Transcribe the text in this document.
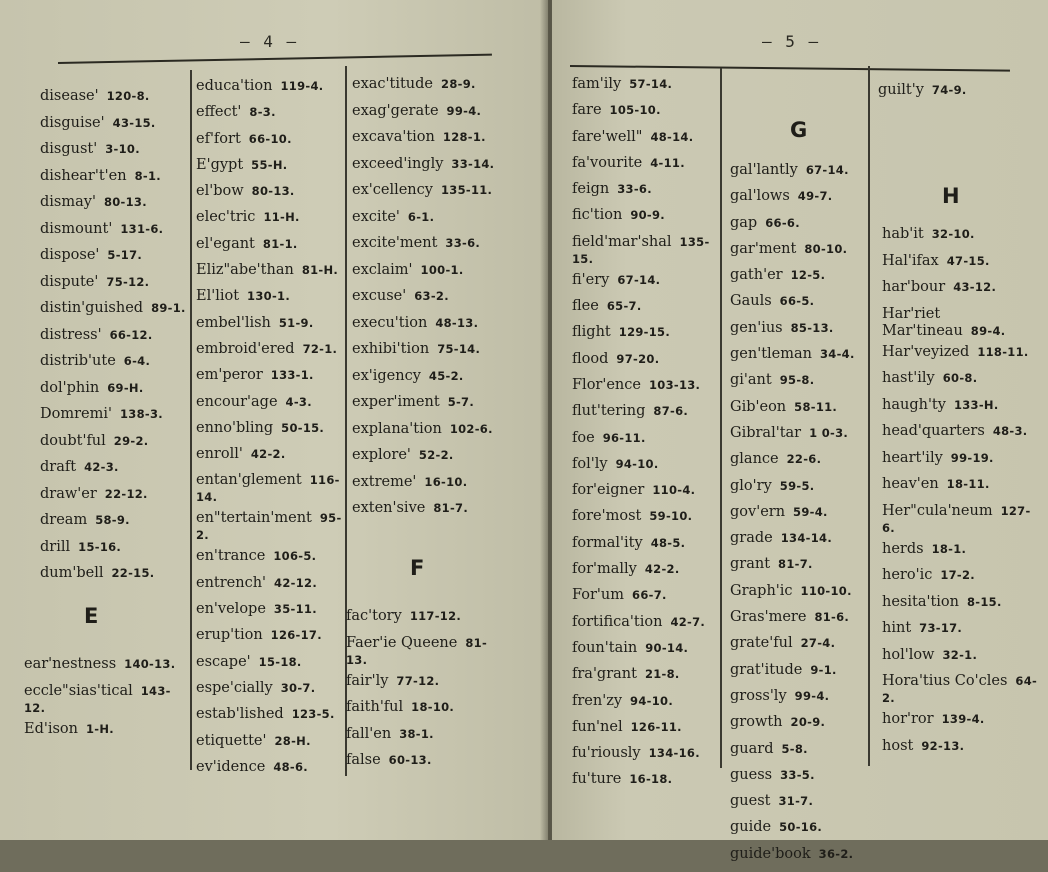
— 4 —
disease' 120-8.
disguise' 43-15.
disgust' 3-10.
dishear't'en 8-1.
dismay' 80-13.
dismount' 131-6.
dispose' 5-17.
dispute' 75-12.
distin'guished 89-1.
distress' 66-12.
distrib'ute 6-4.
dol'phin 69-H.
Domremi' 138-3.
doubt'ful 29-2.
draft 42-3.
draw'er 22-12.
dream 58-9.
drill 15-16.
dum'bell 22-15.
E
ear'nestness 140-13.
eccle"sias'tical 143-12.
Ed'ison 1-H.
educa'tion 119-4.
effect' 8-3.
ef'fort 66-10.
E'gypt 55-H.
el'bow 80-13.
elec'tric 11-H.
el'egant 81-1.
Eliz"abe'than 81-H.
El'liot 130-1.
embel'lish 51-9.
embroid'ered 72-1.
em'peror 133-1.
encour'age 4-3.
enno'bling 50-15.
enroll' 42-2.
entan'glement 116-14.
en"tertain'ment 95-2.
en'trance 106-5.
entrench' 42-12.
en'velope 35-11.
erup'tion 126-17.
escape' 15-18.
espe'cially 30-7.
estab'lished 123-5.
etiquette' 28-H.
ev'idence 48-6.
exac'titude 28-9.
exag'gerate 99-4.
excava'tion 128-1.
exceed'ingly 33-14.
ex'cellency 135-11.
excite' 6-1.
excite'ment 33-6.
exclaim' 100-1.
excuse' 63-2.
execu'tion 48-13.
exhibi'tion 75-14.
ex'igency 45-2.
exper'iment 5-7.
explana'tion 102-6.
explore' 52-2.
extreme' 16-10.
exten'sive 81-7.
F
fac'tory 117-12.
Faer'ie Queene 81-13.
fair'ly 77-12.
faith'ful 18-10.
fall'en 38-1.
false 60-13.
— 5 —
fam'ily 57-14.
fare 105-10.
fare'well" 48-14.
fa'vourite 4-11.
feign 33-6.
fic'tion 90-9.
field'mar'shal 135-15.
fi'ery 67-14.
flee 65-7.
flight 129-15.
flood 97-20.
Flor'ence 103-13.
flut'tering 87-6.
foe 96-11.
fol'ly 94-10.
for'eigner 110-4.
fore'most 59-10.
formal'ity 48-5.
for'mally 42-2.
For'um 66-7.
fortifica'tion 42-7.
foun'tain 90-14.
fra'grant 21-8.
fren'zy 94-10.
fun'nel 126-11.
fu'riously 134-16.
fu'ture 16-18.
G
gal'lantly 67-14.
gal'lows 49-7.
gap 66-6.
gar'ment 80-10.
gath'er 12-5.
Gauls 66-5.
gen'ius 85-13.
gen'tleman 34-4.
gi'ant 95-8.
Gib'eon 58-11.
Gibral'tar 1 0-3.
glance 22-6.
glo'ry 59-5.
gov'ern 59-4.
grade 134-14.
grant 81-7.
Graph'ic 110-10.
Gras'mere 81-6.
grate'ful 27-4.
grat'itude 9-1.
gross'ly 99-4.
growth 20-9.
guard 5-8.
guess 33-5.
guest 31-7.
guide 50-16.
guide'book 36-2.
guilt'y 74-9.
H
hab'it 32-10.
Hal'ifax 47-15.
har'bour 43-12.
Har'riet Mar'tineau 89-4.
Har'veyized 118-11.
hast'ily 60-8.
haugh'ty 133-H.
head'quarters 48-3.
heart'ily 99-19.
heav'en 18-11.
Her"cula'neum 127-6.
herds 18-1.
hero'ic 17-2.
hesita'tion 8-15.
hint 73-17.
hol'low 32-1.
Hora'tius Co'cles 64-2.
hor'ror 139-4.
host 92-13.
